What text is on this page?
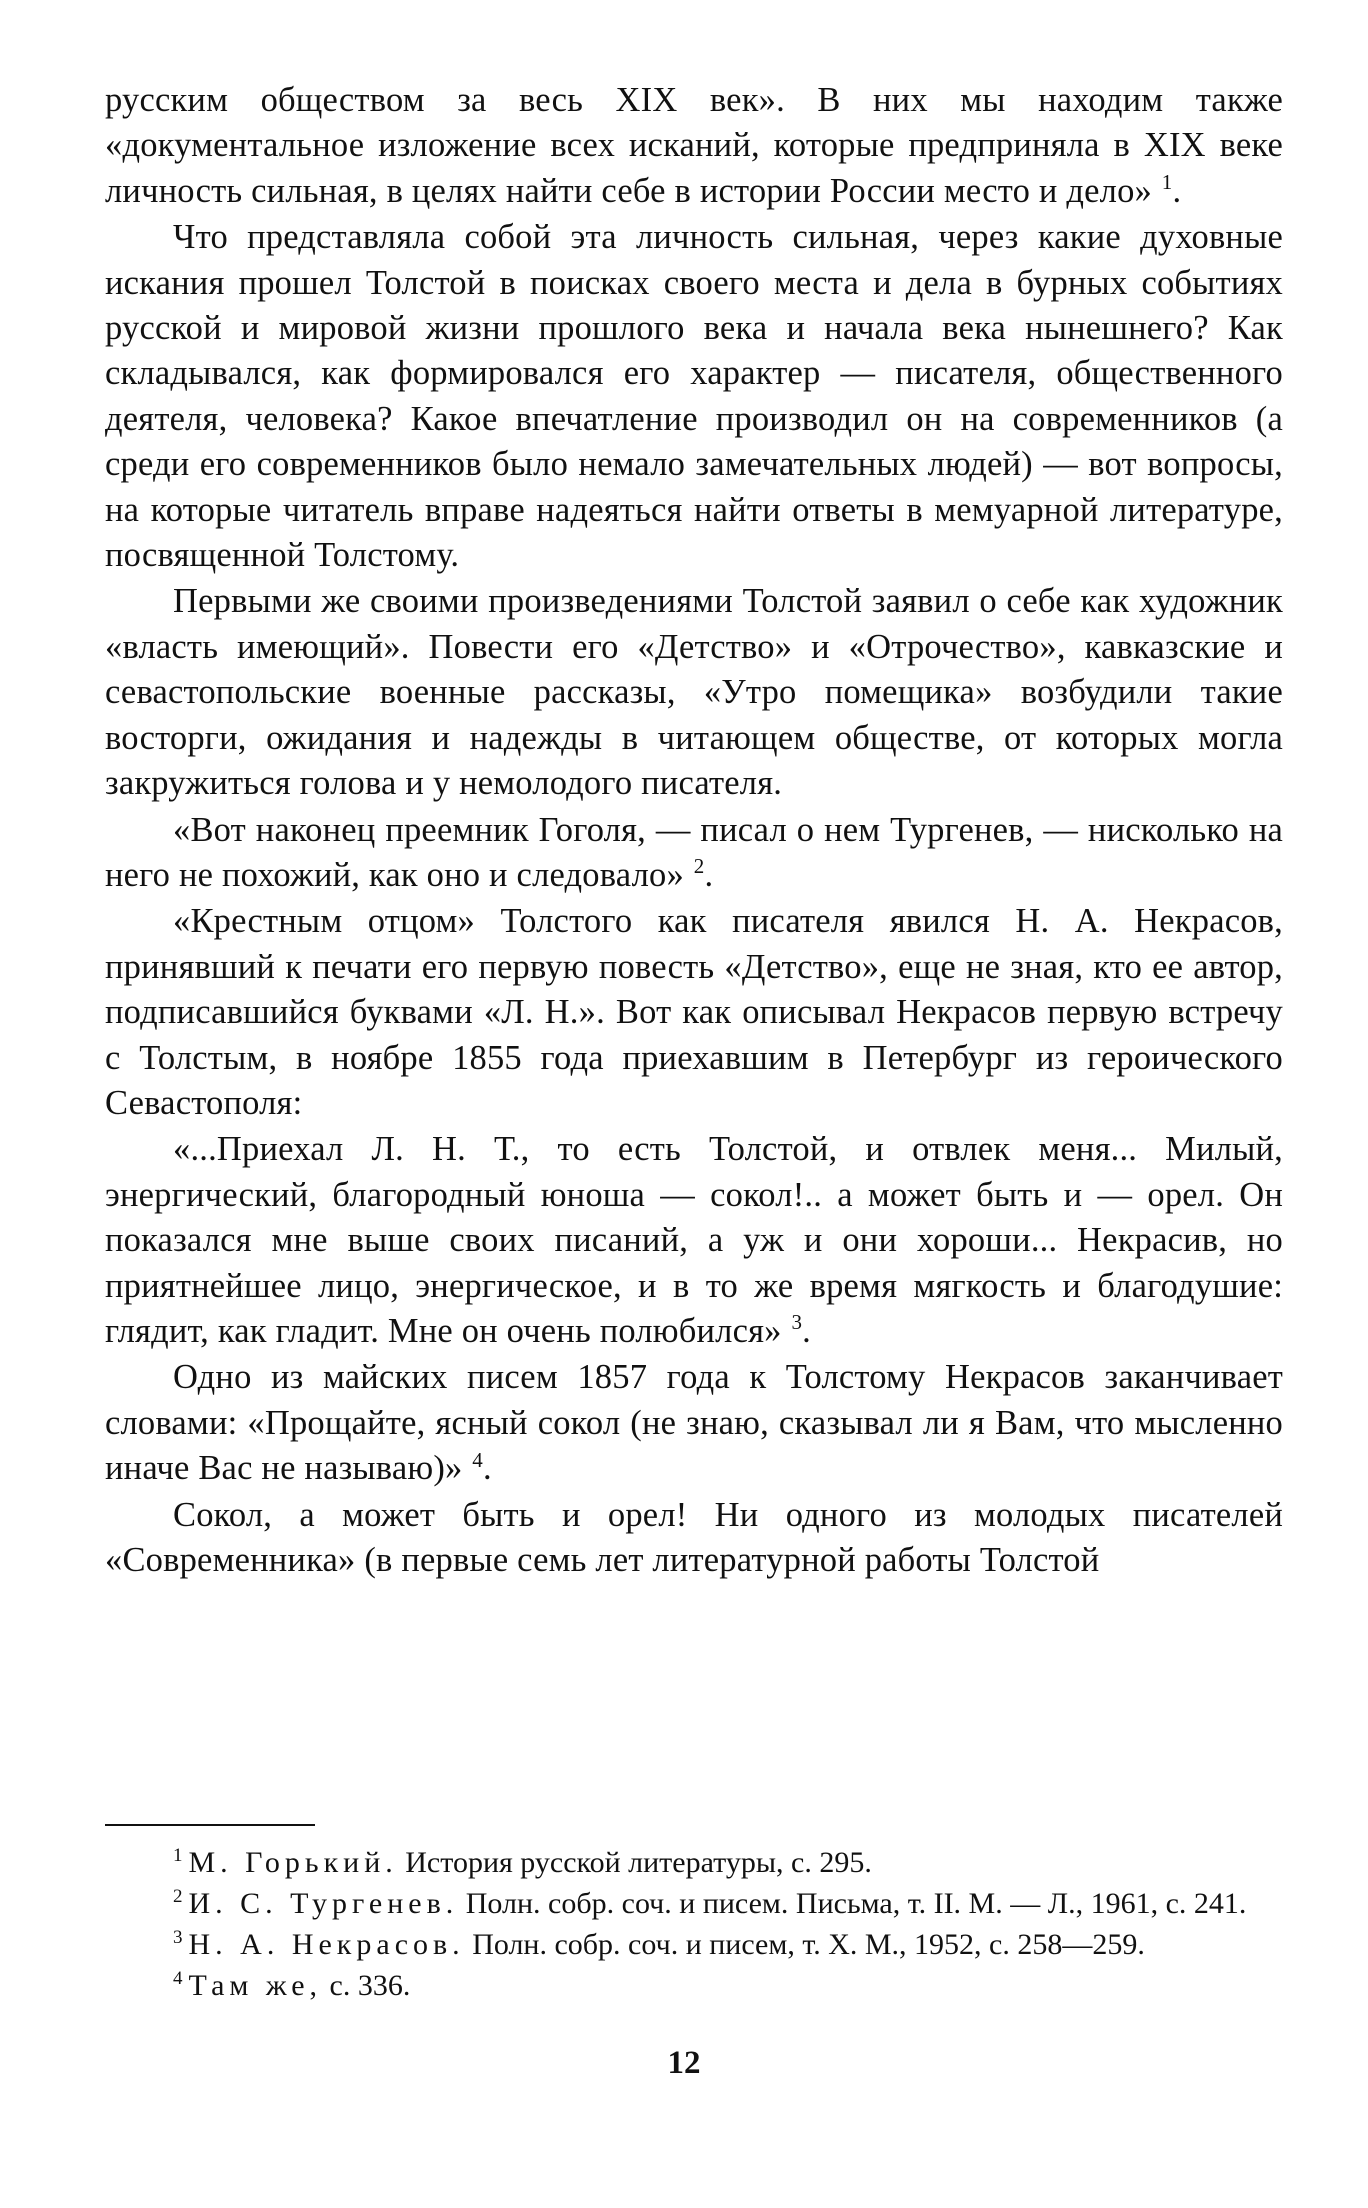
русским обществом за весь XIX век». В них мы находим также «документальное изложение всех исканий, которые предприняла в XIX веке личность сильная, в целях найти себе в истории России место и дело» $^1$.

Что представляла собой эта личность сильная, через какие духовные искания прошел Толстой в поисках своего места и дела в бурных событиях русской и мировой жизни прошлого века и начала века нынешнего? Как складывался, как формировался его характер — писателя, общественного деятеля, человека? Какое впечатление производил он на современников (а среди его современников было немало замечательных людей) — вот вопросы, на которые читатель вправе надеяться найти ответы в мемуарной литературе, посвященной Толстому.

Первыми же своими произведениями Толстой заявил о себе как художник «власть имеющий». Повести его «Детство» и «Отрочество», кавказские и севастопольские военные рассказы, «Утро помещика» возбудили такие восторги, ожидания и надежды в читающем обществе, от которых могла закружиться голова и у немолодого писателя.

«Вот наконец преемник Гоголя, — писал о нем Тургенев, — нисколько на него не похожий, как оно и следовало» $^2$.

«Крестным отцом» Толстого как писателя явился Н. А. Некрасов, принявший к печати его первую повесть «Детство», еще не зная, кто ее автор, подписавшийся буквами «Л. Н.». Вот как описывал Некрасов первую встречу с Толстым, в ноябре 1855 года приехавшим в Петербург из героического Севастополя:

«...Приехал Л. Н. Т., то есть Толстой, и отвлек меня... Милый, энергический, благородный юноша — сокол!.. а может быть и — орел. Он показался мне выше своих писаний, а уж и они хороши... Некрасив, но приятнейшее лицо, энергическое, и в то же время мягкость и благодушие: глядит, как гладит. Мне он очень полюбился» $^3$.

Одно из майских писем 1857 года к Толстому Некрасов заканчивает словами: «Прощайте, ясный сокол (не знаю, сказывал ли я Вам, что мысленно иначе Вас не называю)» $^4$.

Сокол, а может быть и орел! Ни одного из молодых писателей «Современника» (в первые семь лет литературной работы Толстой

$^1$ М. Горький. История русской литературы, с. 295.

$^2$ И. С. Тургенев. Полн. собр. соч. и писем. Письма, т. II. М. — Л., 1961, с. 241.

$^3$ Н. А. Некрасов. Полн. собр. соч. и писем, т. X. М., 1952, с. 258—259.

$^4$ Там же, с. 336.

12
